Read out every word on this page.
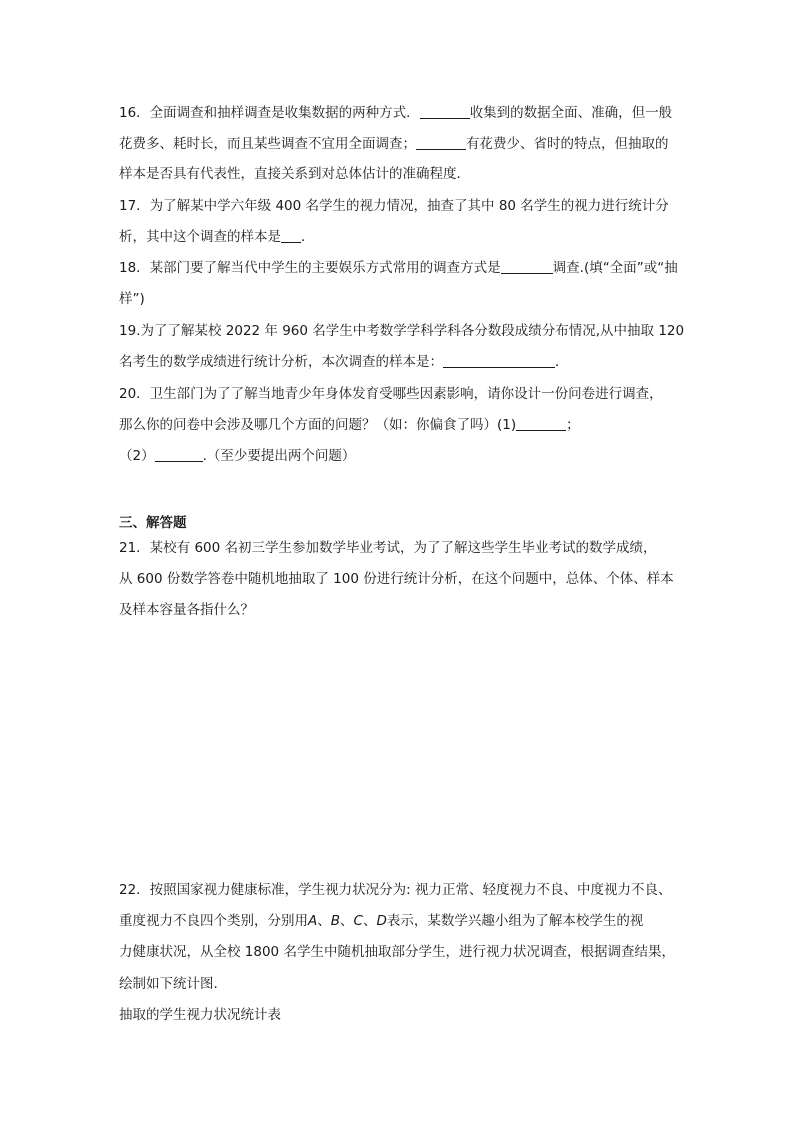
16．全面调查和抽样调查是收集数据的两种方式．	收集到的数据全面、准确，但一般
花费多、耗时长，而且某些调查不宜用全面调查；	有花费少、省时的特点，但抽取的
样本是否具有代表性，直接关系到对总体估计的准确程度．
17．为了解某中学六年级 400 名学生的视力情况，抽查了其中 80 名学生的视力进行统计分
析，其中这个调查的样本是 ．
18．某部门要了解当代中学生的主要娱乐方式常用的调查方式是	调查.(填“全面”或“抽
样”)
19.为了了解某校 2022 年 960 名学生中考数学学科学科各分数段成绩分布情况,从中抽取 120
名考生的数学成绩进行统计分析，本次调查的样本是：	．
20．卫生部门为了了解当地青少年身体发育受哪些因素影响，请你设计一份问卷进行调查，
那么你的问卷中会涉及哪几个方面的问题？（如：你偏食了吗）(1)	；
（2）	.（至少要提出两个问题）
三、解答题
21．某校有 600 名初三学生参加数学毕业考试，为了了解这些学生毕业考试的数学成绩，
从 600 份数学答卷中随机地抽取了 100 份进行统计分析，在这个问题中，总体、个体、样本
及样本容量各指什么？
22．按照国家视力健康标准，学生视力状况分为: 视力正常、轻度视力不良、中度视力不良、
重度视力不良四个类别，分别用A、B、C、D表示，某数学兴趣小组为了解本校学生的视
力健康状况，从全校 1800 名学生中随机抽取部分学生，进行视力状况调查，根据调查结果，
绘制如下统计图.
抽取的学生视力状况统计表
